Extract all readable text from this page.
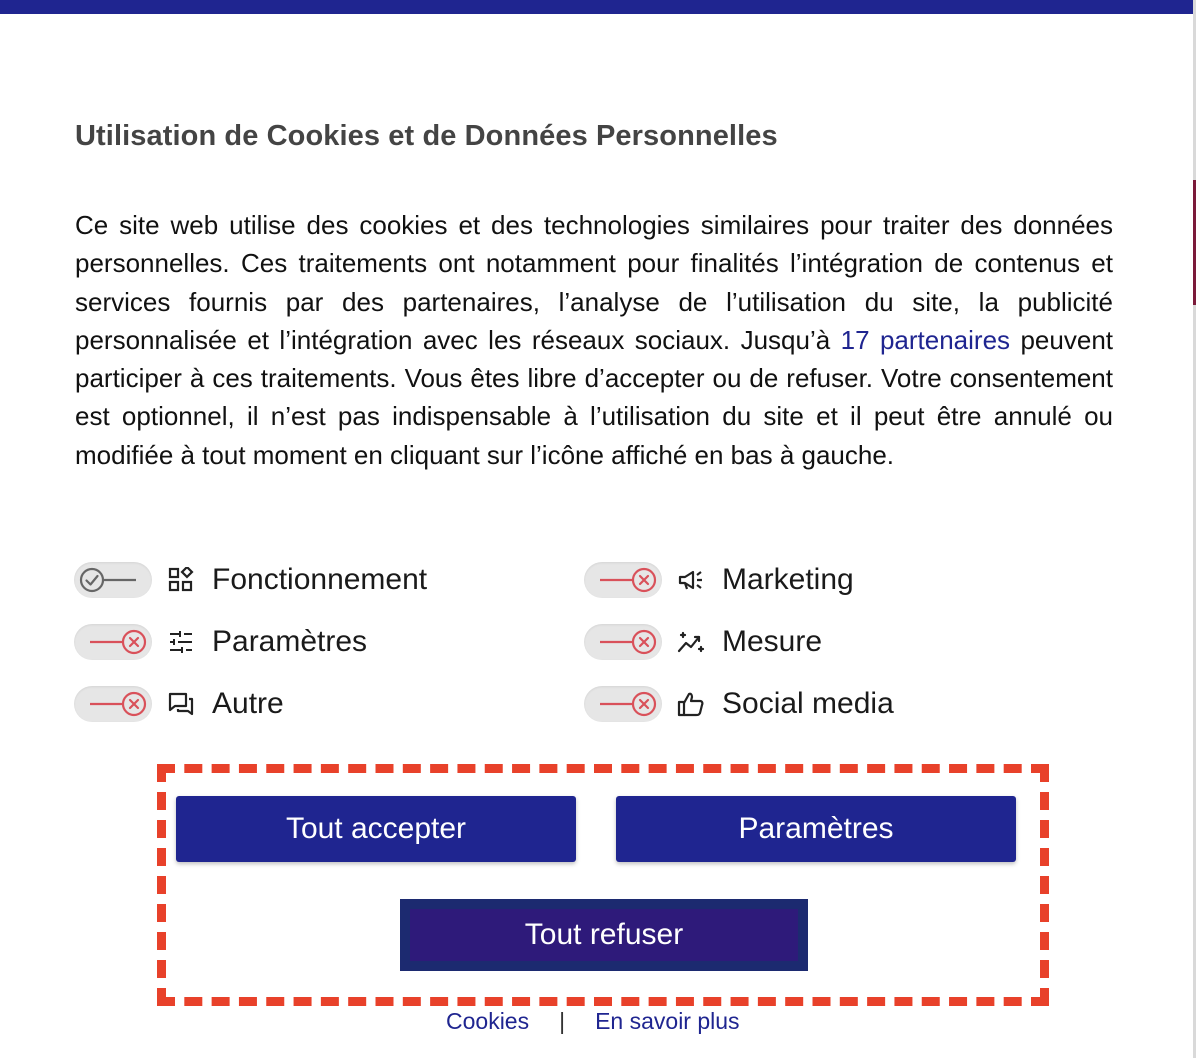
Utilisation de Cookies et de Données Personnelles

Ce site web utilise des cookies et des technologies similaires pour traiter des données personnelles. Ces traitements ont notamment pour finalités l’intégration de contenus et services fournis par des partenaires, l’analyse de l’utilisation du site, la publicité personnalisée et l’intégration avec les réseaux sociaux. Jusqu’à 17 partenaires peuvent participer à ces traitements. Vous êtes libre d’accepter ou de refuser. Votre consentement est optionnel, il n’est pas indispensable à l’utilisation du site et il peut être annulé ou modifiée à tout moment en cliquant sur l’icône affiché en bas à gauche.

Fonctionnement	Marketing
Paramètres	Mesure
Autre	Social media
Tout accepter	Paramètres
Tout refuser
Cookies | En savoir plus
